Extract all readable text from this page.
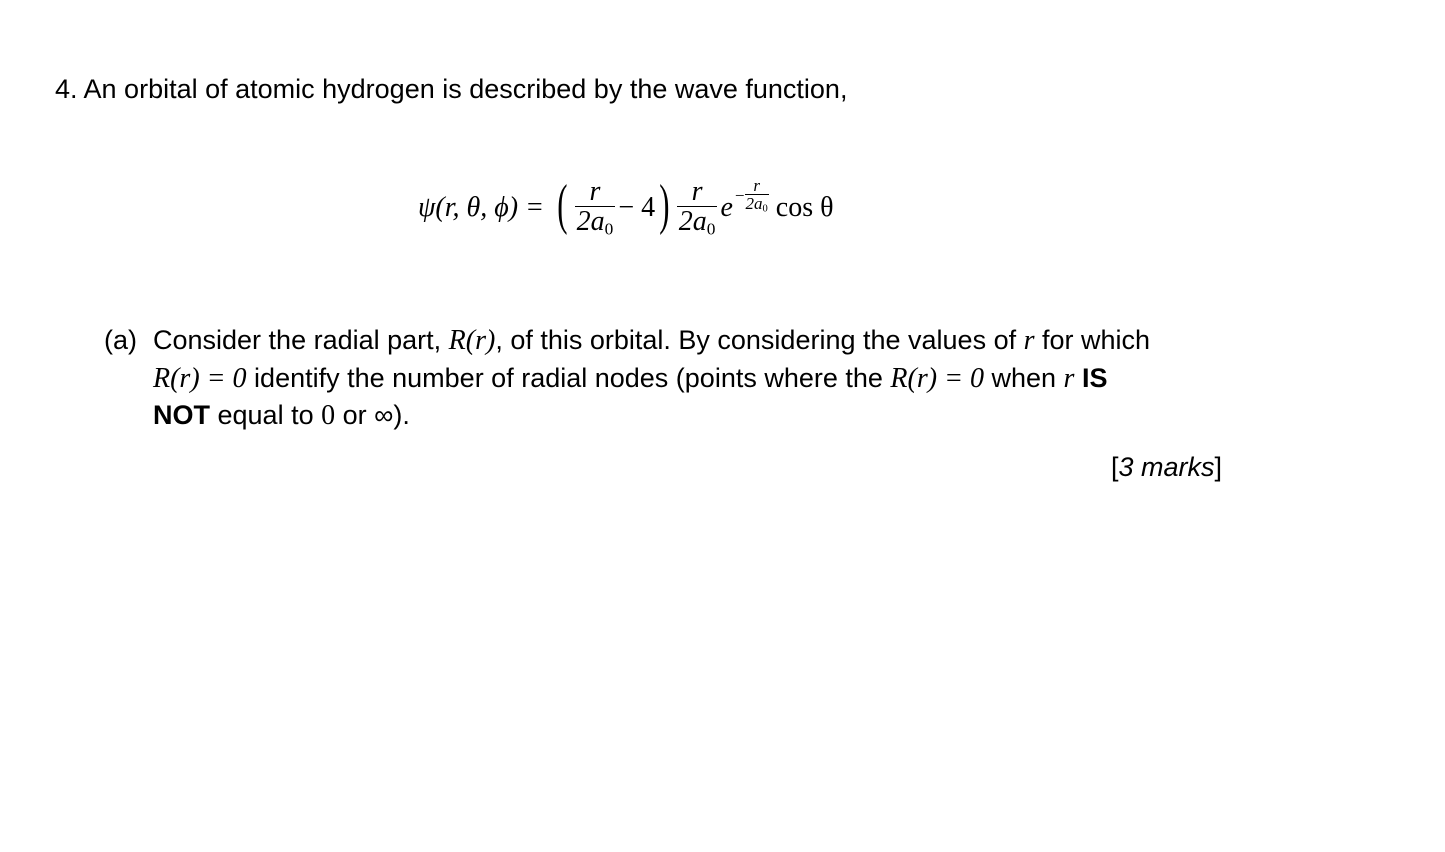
4. An orbital of atomic hydrogen is described by the wave function,
ψ(r, θ, ϕ) = ( $\frac{r}{2a_0} - 4$ ) $\frac{r}{2a_0}$ $e - \frac{r}{2a_0}$ cos θ
(a) Consider the radial part, R(r), of this orbital. By considering the values of r for which
R(r) = 0 identify the number of radial nodes (points where the R(r) = 0 when r IS
NOT equal to 0 or ∞).
[3 marks]
